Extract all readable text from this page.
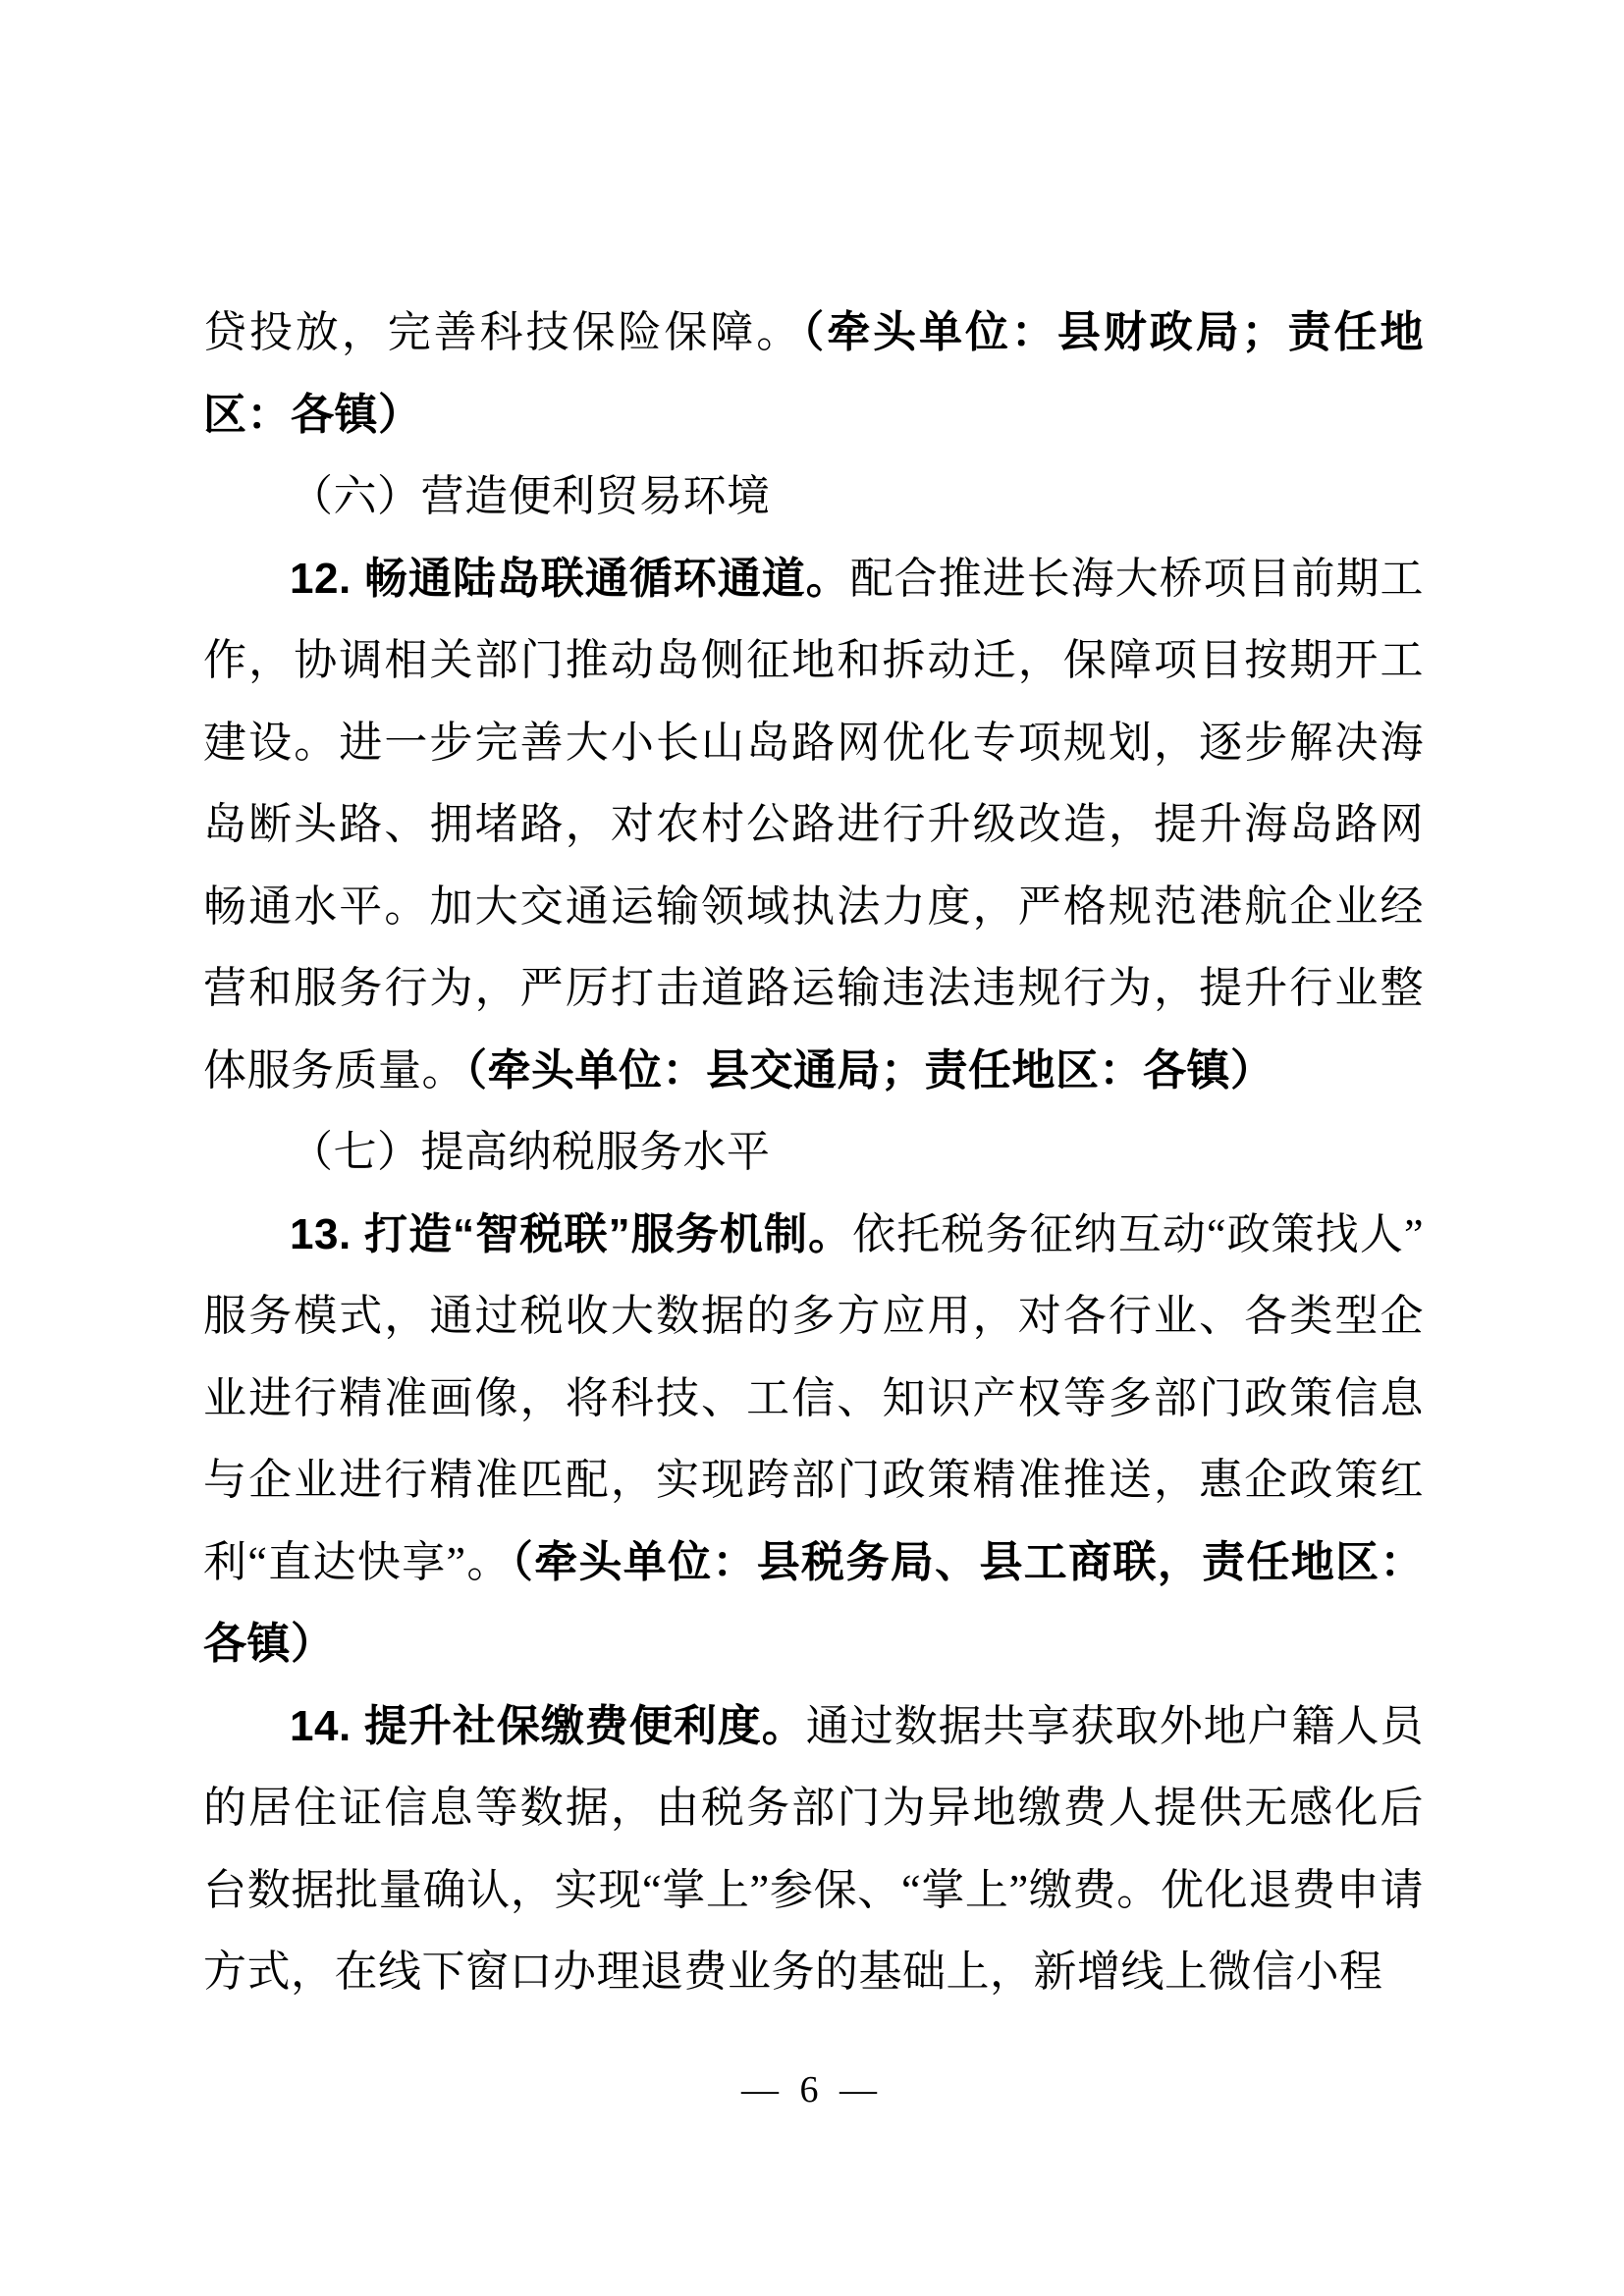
贷投放，完善科技保险保障。（牵头单位：县财政局；责任地区：各镇）

（六）营造便利贸易环境

12. 畅通陆岛联通循环通道。配合推进长海大桥项目前期工作，协调相关部门推动岛侧征地和拆动迁，保障项目按期开工建设。进一步完善大小长山岛路网优化专项规划，逐步解决海岛断头路、拥堵路，对农村公路进行升级改造，提升海岛路网畅通水平。加大交通运输领域执法力度，严格规范港航企业经营和服务行为，严厉打击道路运输违法违规行为，提升行业整体服务质量。（牵头单位：县交通局；责任地区：各镇）

（七）提高纳税服务水平

13. 打造“智税联”服务机制。依托税务征纳互动“政策找人”服务模式，通过税收大数据的多方应用，对各行业、各类型企业进行精准画像，将科技、工信、知识产权等多部门政策信息与企业进行精准匹配，实现跨部门政策精准推送，惠企政策红利“直达快享”。（牵头单位：县税务局、县工商联，责任地区：各镇）

14. 提升社保缴费便利度。通过数据共享获取外地户籍人员的居住证信息等数据，由税务部门为异地缴费人提供无感化后台数据批量确认，实现“掌上”参保、“掌上”缴费。优化退费申请方式，在线下窗口办理退费业务的基础上，新增线上微信小程

— 6 —
